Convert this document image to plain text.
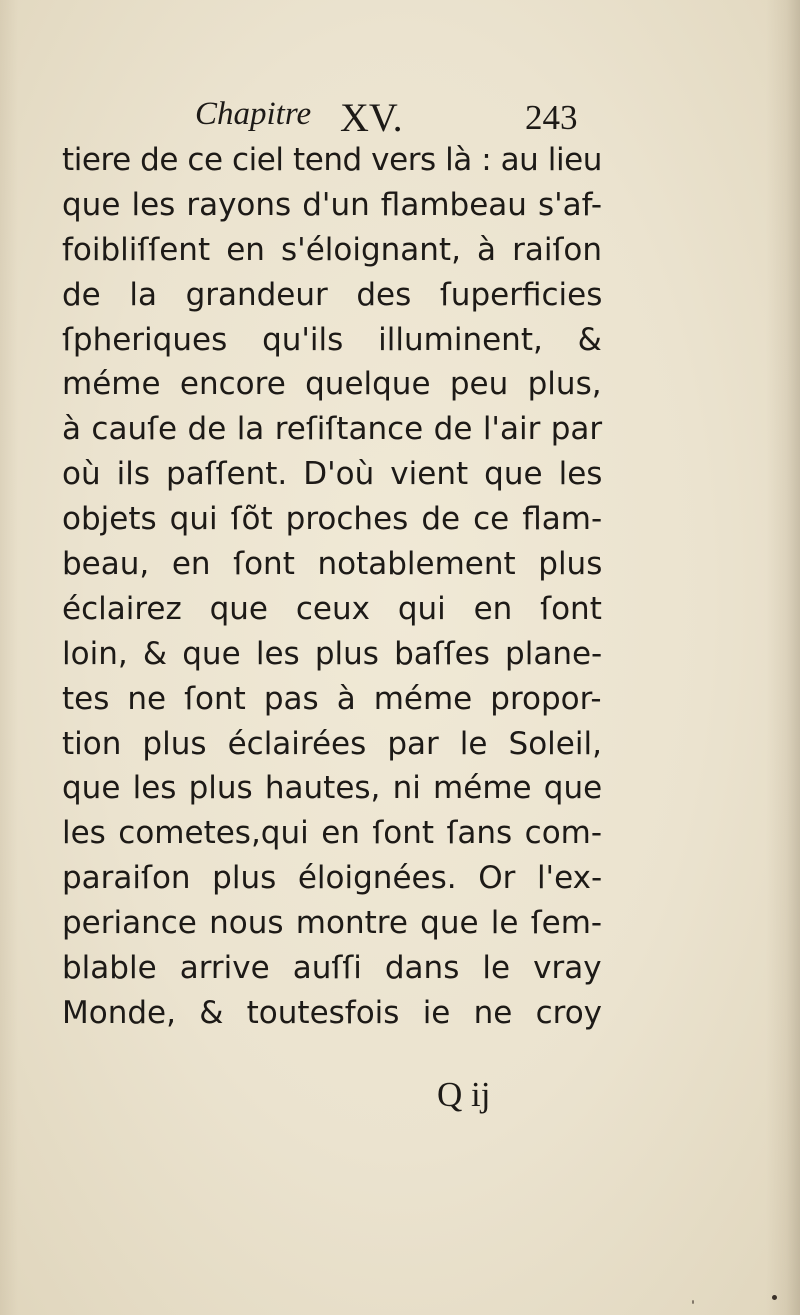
Chapitre XV.	243
tiere de ce ciel tend vers là : au lieu
que les rayons d'un flambeau s'af-
foibliſſent en s'éloignant, à raiſon
de la grandeur des ſuperficies
ſpheriques qu'ils illuminent, &
méme encore quelque peu plus,
à cauſe de la reſiſtance de l'air par
où ils paſſent. D'où vient que les
objets qui ſõt proches de ce flam-
beau, en ſont notablement plus
éclairez que ceux qui en ſont
loin, & que les plus baſſes plane-
tes ne ſont pas à méme propor-
tion plus éclairées par le Soleil,
que les plus hautes, ni méme que
les cometes,qui en ſont ſans com-
paraiſon plus éloignées. Or l'ex-
periance nous montre que le ſem-
blable arrive auſſi dans le vray
Monde, & toutesfois ie ne croy
Q ij
